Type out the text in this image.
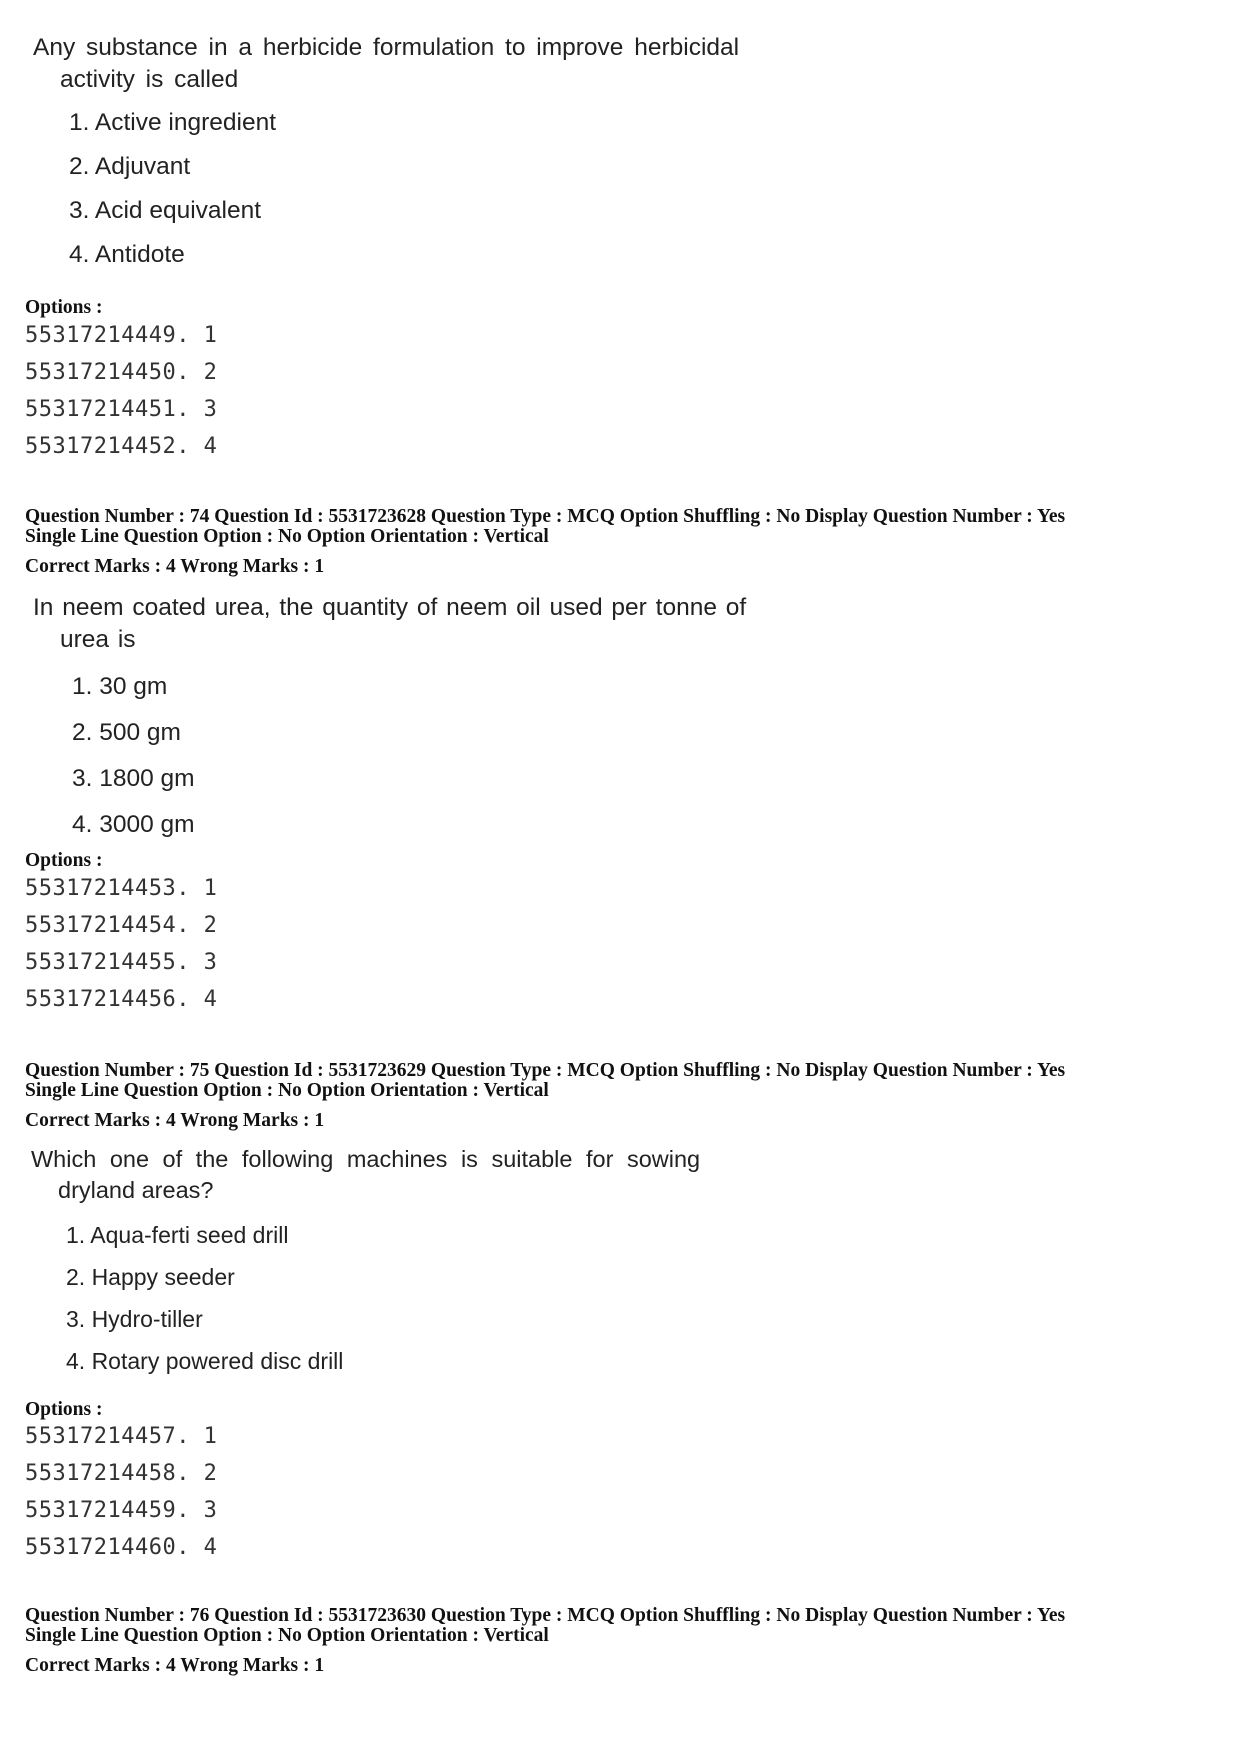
Any substance in a herbicide formulation to improve herbicidal
activity is called
1. Active ingredient
2. Adjuvant
3. Acid equivalent
4. Antidote
Options :
55317214449. 1
55317214450. 2
55317214451. 3
55317214452. 4
Question Number : 74 Question Id : 5531723628 Question Type : MCQ Option Shuffling : No Display Question Number : Yes
Single Line Question Option : No Option Orientation : Vertical
Correct Marks : 4 Wrong Marks : 1
In neem coated urea, the quantity of neem oil used per tonne of
urea is
1. 30 gm
2. 500 gm
3. 1800 gm
4. 3000 gm
Options :
55317214453. 1
55317214454. 2
55317214455. 3
55317214456. 4
Question Number : 75 Question Id : 5531723629 Question Type : MCQ Option Shuffling : No Display Question Number : Yes
Single Line Question Option : No Option Orientation : Vertical
Correct Marks : 4 Wrong Marks : 1
Which one of the following machines is suitable for sowing
dryland areas?
1. Aqua-ferti seed drill
2. Happy seeder
3. Hydro-tiller
4. Rotary powered disc drill
Options :
55317214457. 1
55317214458. 2
55317214459. 3
55317214460. 4
Question Number : 76 Question Id : 5531723630 Question Type : MCQ Option Shuffling : No Display Question Number : Yes
Single Line Question Option : No Option Orientation : Vertical
Correct Marks : 4 Wrong Marks : 1
